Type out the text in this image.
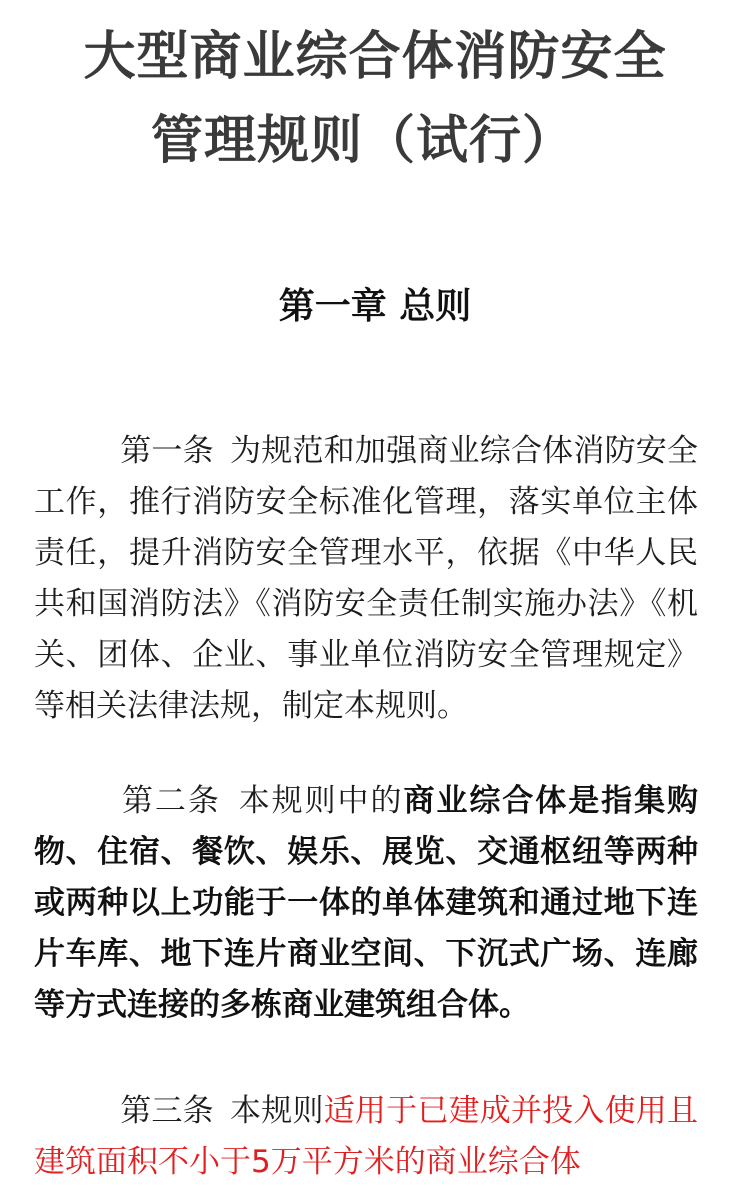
大型商业综合体消防安全
管理规则（试行）
第一章 总则
第一条 为规范和加强商业综合体消防安全工作，推行消防安全标准化管理，落实单位主体责任，提升消防安全管理水平，依据《中华人民共和国消防法》《消防安全责任制实施办法》《机关、团体、企业、事业单位消防安全管理规定》等相关法律法规，制定本规则。
第二条 本规则中的商业综合体是指集购物、住宿、餐饮、娱乐、展览、交通枢纽等两种或两种以上功能于一体的单体建筑和通过地下连片车库、地下连片商业空间、下沉式广场、连廊等方式连接的多栋商业建筑组合体。
第三条 本规则适用于已建成并投入使用且建筑面积不小于5万平方米的商业综合体
